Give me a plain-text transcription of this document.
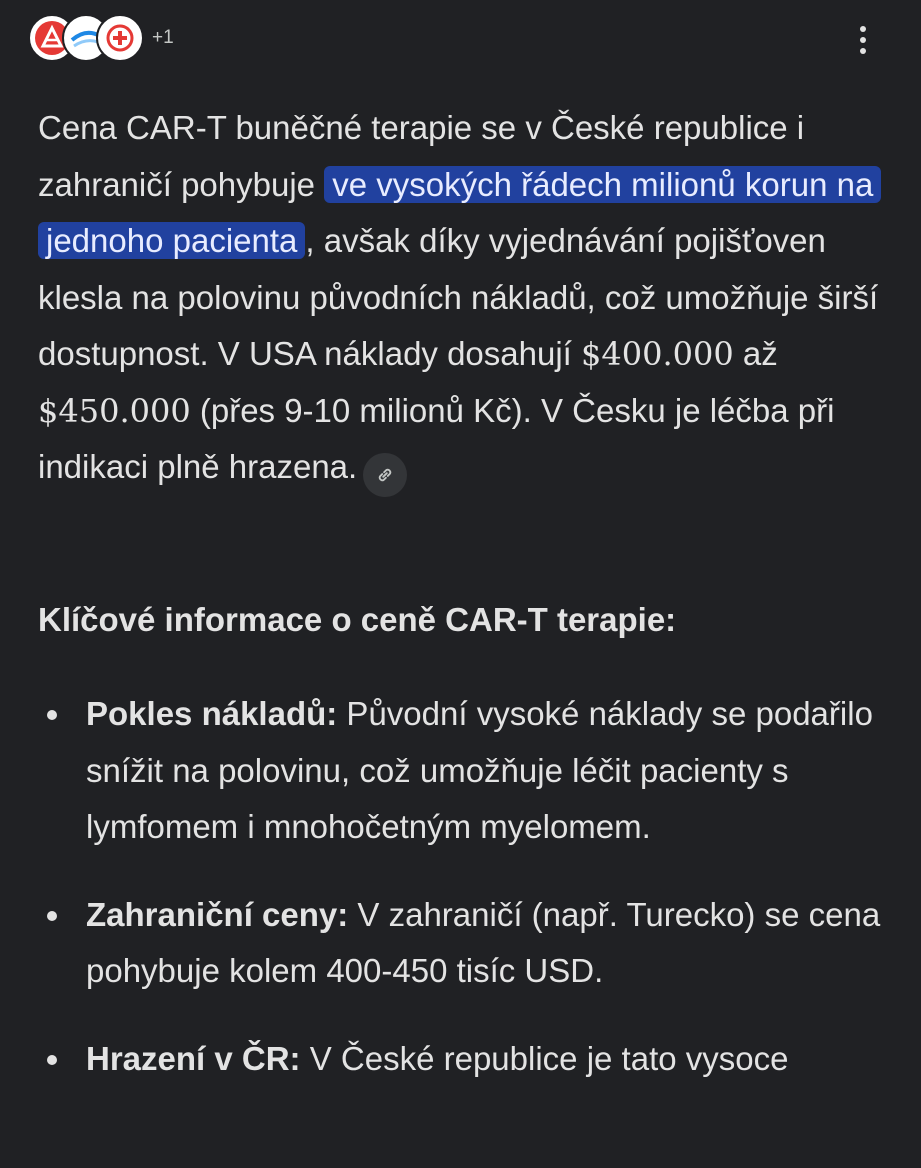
+1

Cena CAR-T buněčné terapie se v České republice i zahraničí pohybuje ve vysokých řádech milionů korun na jednoho pacienta , avšak díky vyjednávání pojišťoven klesla na polovinu původních nákladů, což umožňuje širší dostupnost. V USA náklady dosahují $400.000 až $450.000 (přes 9-10 milionů Kč). V Česku je léčba při indikaci plně hrazena.

Klíčové informace o ceně CAR-T terapie:
Pokles nákladů: Původní vysoké náklady se podařilo snížit na polovinu, což umožňuje léčit pacienty s lymfomem i mnohočetným myelomem.
Zahraniční ceny: V zahraničí (např. Turecko) se cena pohybuje kolem 400-450 tisíc USD.
Hrazení v ČR: V České republice je tato vysoce
